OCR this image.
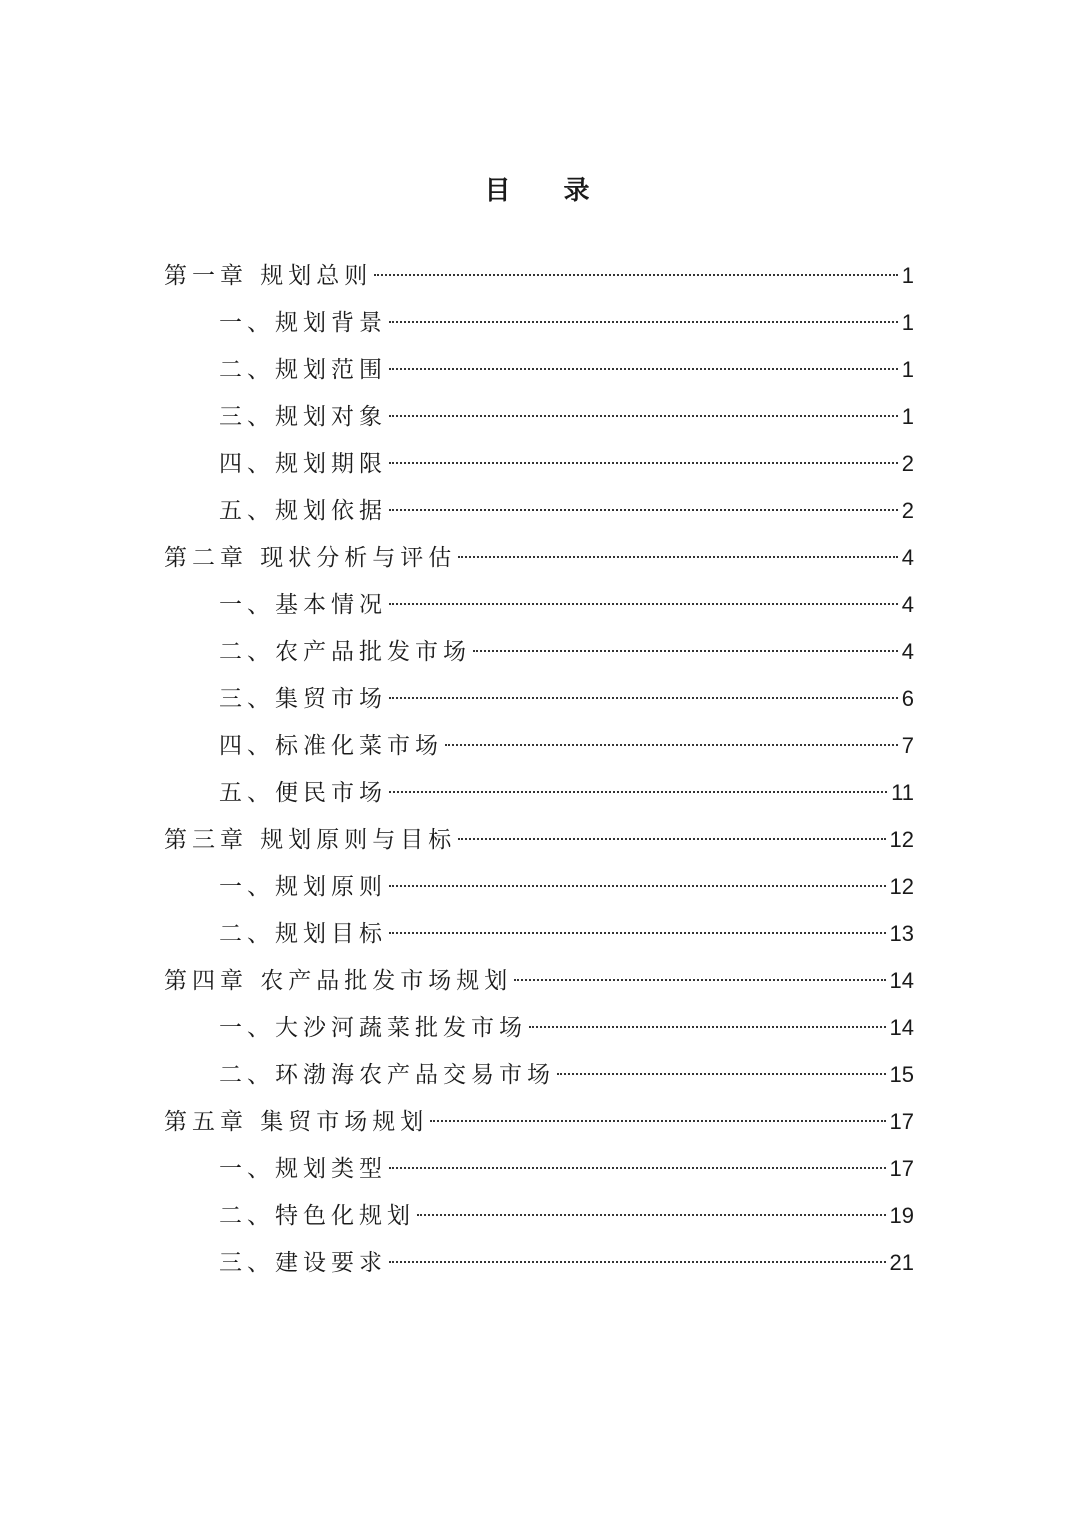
目 录
第一章 规划总则	1
一、规划背景	1
二、规划范围	1
三、规划对象	1
四、规划期限	2
五、规划依据	2
第二章 现状分析与评估	4
一、基本情况	4
二、农产品批发市场	4
三、集贸市场	6
四、标准化菜市场	7
五、便民市场	11
第三章 规划原则与目标	12
一、规划原则	12
二、规划目标	13
第四章 农产品批发市场规划	14
一、大沙河蔬菜批发市场	14
二、环渤海农产品交易市场	15
第五章 集贸市场规划	17
一、规划类型	17
二、特色化规划	19
三、建设要求	21
